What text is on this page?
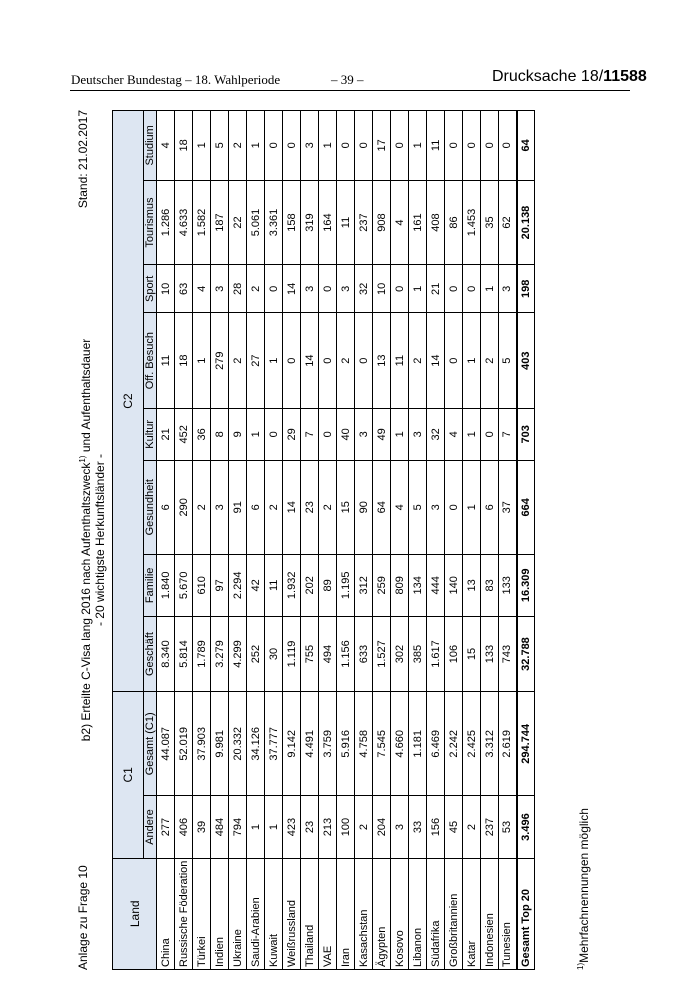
Deutscher Bundestag – 18. Wahlperiode	– 39 –	Drucksache 18/11588
Anlage zu Frage 10
b2) Erteilte C-Visa lang 2016 nach Aufenthaltszweck$^{1)}$ und Aufenthaltsdauer
- 20 wichtigste Herkunftsländer -
Stand: 21.02.2017
Land	C1		C2							
	Andere	Gesamt (C1)	Geschäft	Familie	Gesundheit	Kultur	Off. Besuch	Sport	Tourismus	Studium
China	277	44.087	8.340	1.840	6	21	11	10	1.286	4
Russische Föderation	406	52.019	5.814	5.670	290	452	18	63	4.633	18
Türkei	39	37.903	1.789	610	2	36	1	4	1.582	1
Indien	484	9.981	3.279	97	3	8	279	3	187	5
Ukraine	794	20.332	4.299	2.294	91	9	2	28	22	2
Saudi-Arabien	1	34.126	252	42	6	1	27	2	5.061	1
Kuwait	1	37.777	30	11	2	0	1	0	3.361	0
Weißrussland	423	9.142	1.119	1.932	14	29	0	14	158	0
Thailand	23	4.491	755	202	23	7	14	3	319	3
VAE	213	3.759	494	89	2	0	0	0	164	1
Iran	100	5.916	1.156	1.195	15	40	2	3	11	0
Kasachstan	2	4.758	633	312	90	3	0	32	237	0
Ägypten	204	7.545	1.527	259	64	49	13	10	908	17
Kosovo	3	4.660	302	809	4	1	11	0	4	0
Libanon	33	1.181	385	134	5	3	2	1	161	1
Südafrika	156	6.469	1.617	444	3	32	14	21	408	11
Großbritannien	45	2.242	106	140	0	4	0	0	86	0
Katar	2	2.425	15	13	1	1	1	0	1.453	0
Indonesien	237	3.312	133	83	6	0	2	1	35	0
Tunesien	53	2.619	743	133	37	7	5	3	62	0
Gesamt Top 20	3.496	294.744	32.788	16.309	664	703	403	198	20.138	64
$^{1)}$Mehrfachnennungen möglich
